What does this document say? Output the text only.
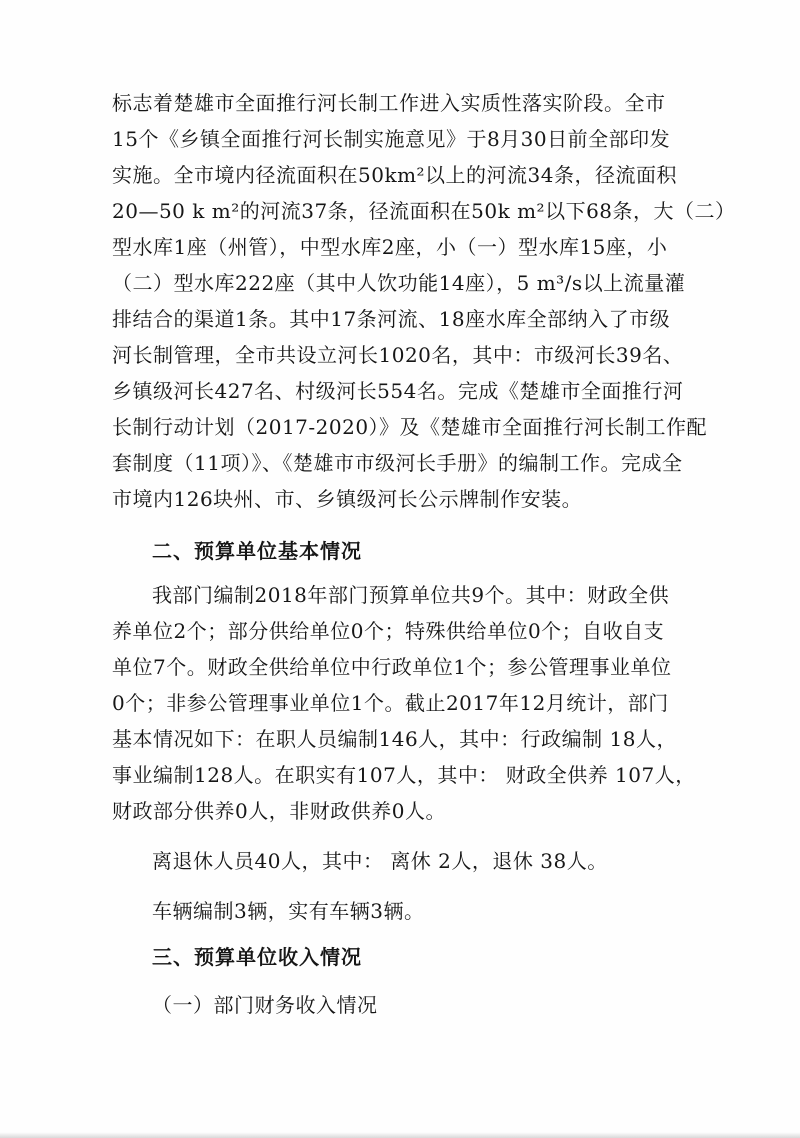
标志着楚雄市全面推行河长制工作进入实质性落实阶段。全市
15个《乡镇全面推行河长制实施意见》于8月30日前全部印发
实施。全市境内径流面积在50km²以上的河流34条，径流面积
20—50 k m²的河流37条，径流面积在50k m²以下68条，大（二）
型水库1座（州管），中型水库2座，小（一）型水库15座，小
（二）型水库222座（其中人饮功能14座），5 m³/s以上流量灌
排结合的渠道1条。其中17条河流、18座水库全部纳入了市级
河长制管理，全市共设立河长1020名，其中：市级河长39名、
乡镇级河长427名、村级河长554名。完成《楚雄市全面推行河
长制行动计划（2017-2020）》及《楚雄市全面推行河长制工作配
套制度（11项）》、《楚雄市市级河长手册》的编制工作。完成全
市境内126块州、市、乡镇级河长公示牌制作安装。
二、预算单位基本情况
我部门编制2018年部门预算单位共9个。其中：财政全供
养单位2个；部分供给单位0个；特殊供给单位0个；自收自支
单位7个。财政全供给单位中行政单位1个；参公管理事业单位
0个；非参公管理事业单位1个。截止2017年12月统计，部门
基本情况如下：在职人员编制146人，其中：行政编制 18人，
事业编制128人。在职实有107人，其中： 财政全供养 107人，
财政部分供养0人，非财政供养0人。
离退休人员40人，其中： 离休 2人，退休 38人。
车辆编制3辆，实有车辆3辆。
三、预算单位收入情况
（一）部门财务收入情况
